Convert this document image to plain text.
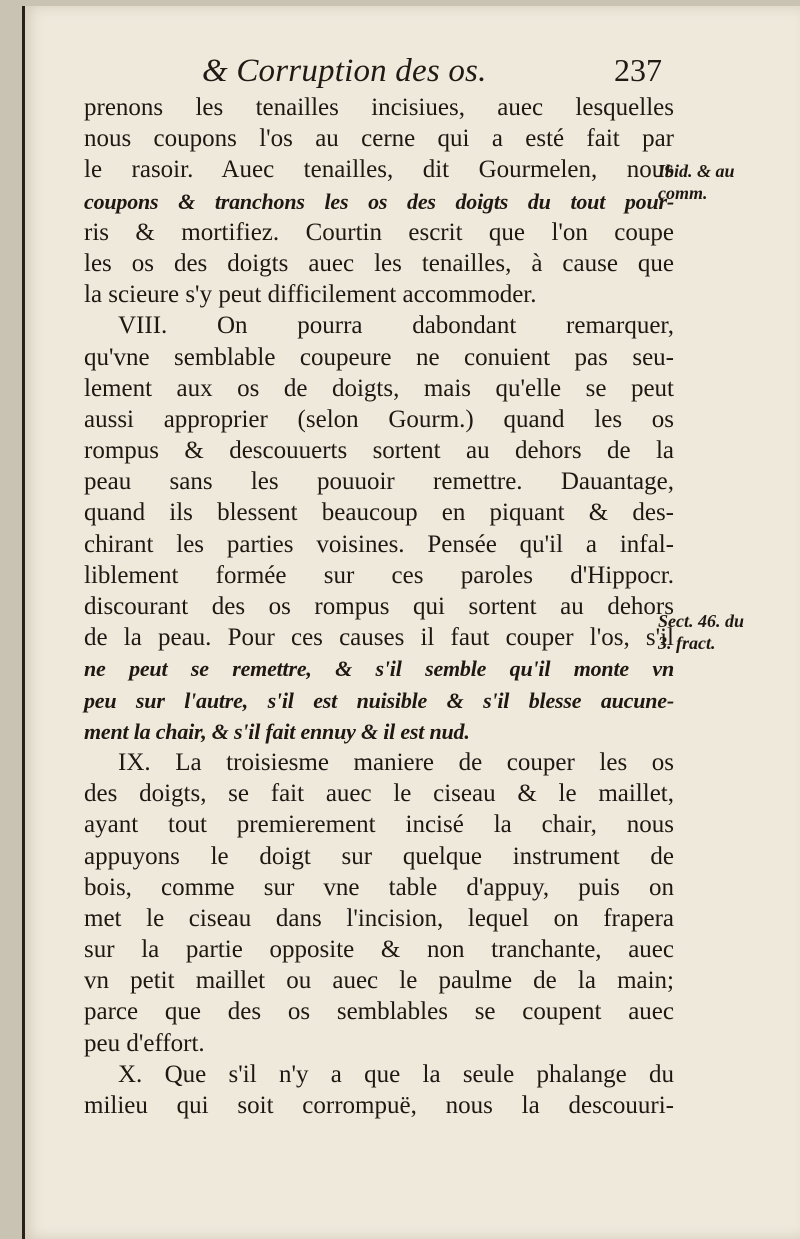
& Corruption des os.	237
prenons les tenailles incisiues, auec lesquelles
nous coupons l'os au cerne qui a esté fait par
le rasoir. Auec tenailles, dit Gourmelen, nous
coupons & tranchons les os des doigts du tout pour-
ris & mortifiez. Courtin escrit que l'on coupe
les os des doigts auec les tenailles, à cause que
la scieure s'y peut difficilement accommoder.
VIII. On pourra dabondant remarquer,
qu'vne semblable coupeure ne conuient pas seu-
lement aux os de doigts, mais qu'elle se peut
aussi approprier (selon Gourm.) quand les os
rompus & descouuerts sortent au dehors de la
peau sans les pouuoir remettre. Dauantage,
quand ils blessent beaucoup en piquant & des-
chirant les parties voisines. Pensée qu'il a infal-
liblement formée sur ces paroles d'Hippocr.
discourant des os rompus qui sortent au dehors
de la peau. Pour ces causes il faut couper l'os, s'il
ne peut se remettre, & s'il semble qu'il monte vn
peu sur l'autre, s'il est nuisible & s'il blesse aucune-
ment la chair, & s'il fait ennuy & il est nud.
IX. La troisiesme maniere de couper les os
des doigts, se fait auec le ciseau & le maillet,
ayant tout premierement incisé la chair, nous
appuyons le doigt sur quelque instrument de
bois, comme sur vne table d'appuy, puis on
met le ciseau dans l'incision, lequel on frapera
sur la partie opposite & non tranchante, auec
vn petit maillet ou auec le paulme de la main;
parce que des os semblables se coupent auec
peu d'effort.
X. Que s'il n'y a que la seule phalange du
milieu qui soit corrompuë, nous la descouuri-
Ibid. & au
comm.
Sect. 46. du
3. fract.
